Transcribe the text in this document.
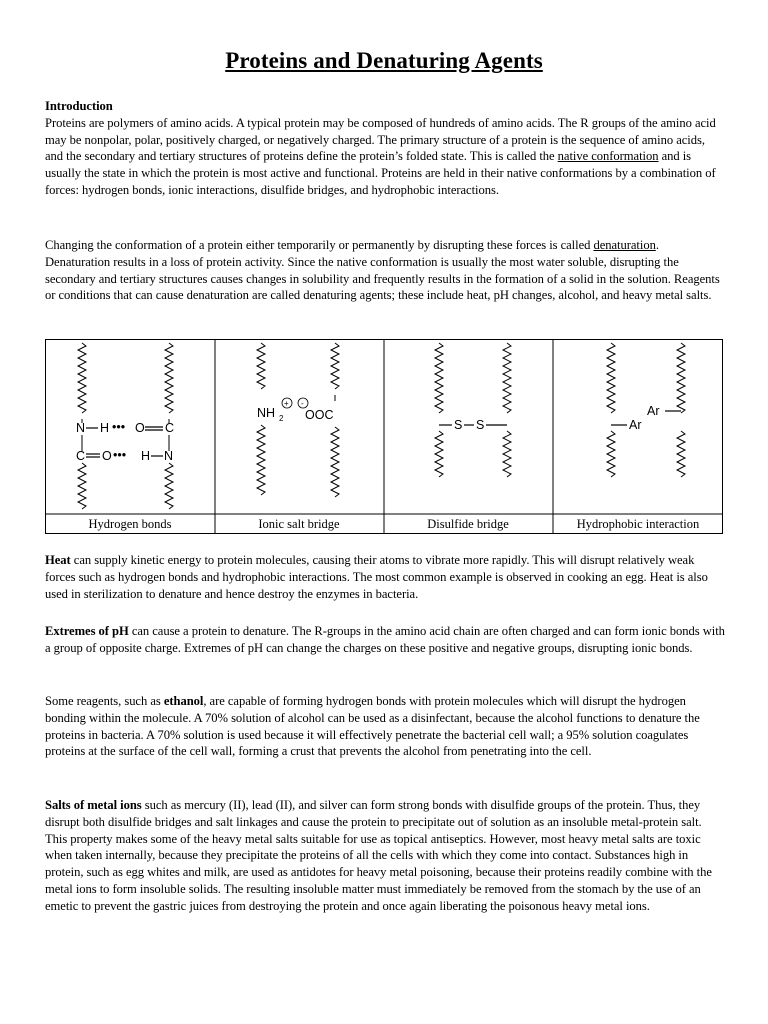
Proteins and Denaturing Agents
Introduction

Proteins are polymers of amino acids. A typical protein may be composed of hundreds of amino acids. The R groups of the amino acid may be nonpolar, polar, positively charged, or negatively charged. The primary structure of a protein is the sequence of amino acids, and the secondary and tertiary structures of proteins define the protein’s folded state. This is called the native conformation and is usually the state in which the protein is most active and functional. Proteins are held in their native conformations by a combination of forces: hydrogen bonds, ionic interactions, disulfide bridges, and hydrophobic interactions.

Changing the conformation of a protein either temporarily or permanently by disrupting these forces is called denaturation. Denaturation results in a loss of protein activity. Since the native conformation is usually the most water soluble, disrupting the secondary and tertiary structures causes changes in solubility and frequently results in the formation of a solid in the solution. Reagents or conditions that can cause denaturation are called denaturing agents; these include heat, pH changes, alcohol, and heavy metal salts.

N H ••• O C
C O ••• H N
NH 2
+ -
OOC
S S	Ar
Ar
Hydrogen bonds	Ionic salt bridge	Disulfide bridge	Hydrophobic interaction

Heat can supply kinetic energy to protein molecules, causing their atoms to vibrate more rapidly. This will disrupt relatively weak forces such as hydrogen bonds and hydrophobic interactions. The most common example is observed in cooking an egg. Heat is also used in sterilization to denature and hence destroy the enzymes in bacteria.

Extremes of pH can cause a protein to denature. The R-groups in the amino acid chain are often charged and can form ionic bonds with a group of opposite charge. Extremes of pH can change the charges on these positive and negative groups, disrupting ionic bonds.

Some reagents, such as ethanol, are capable of forming hydrogen bonds with protein molecules which will disrupt the hydrogen bonding within the molecule. A 70% solution of alcohol can be used as a disinfectant, because the alcohol functions to denature the proteins in bacteria. A 70% solution is used because it will effectively penetrate the bacterial cell wall; a 95% solution coagulates proteins at the surface of the cell wall, forming a crust that prevents the alcohol from penetrating into the cell.

Salts of metal ions such as mercury (II), lead (II), and silver can form strong bonds with disulfide groups of the protein. Thus, they disrupt both disulfide bridges and salt linkages and cause the protein to precipitate out of solution as an insoluble metal-protein salt. This property makes some of the heavy metal salts suitable for use as topical antiseptics. However, most heavy metal salts are toxic when taken internally, because they precipitate the proteins of all the cells with which they come into contact. Substances high in protein, such as egg whites and milk, are used as antidotes for heavy metal poisoning, because their proteins readily combine with the metal ions to form insoluble solids. The resulting insoluble matter must immediately be removed from the stomach by the use of an emetic to prevent the gastric juices from destroying the protein and once again liberating the poisonous heavy metal ions.
